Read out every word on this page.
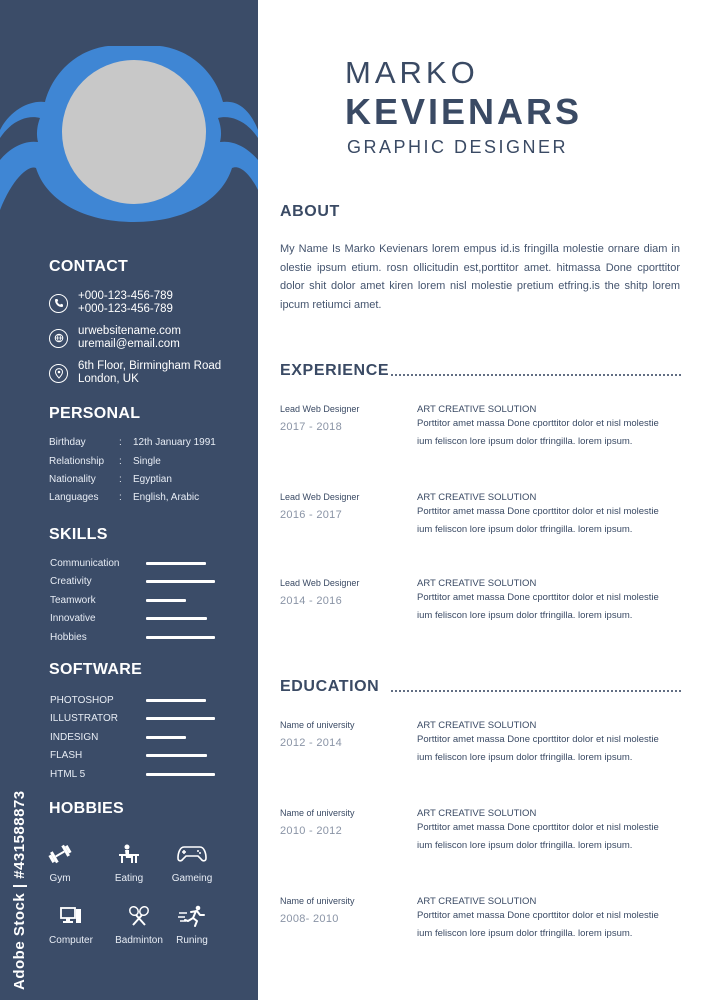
CONTACT
+000-123-456-789
+000-123-456-789
urwebsitename.com
uremail@email.com
6th Floor, Birmingham Road
London, UK
PERSONAL
Birthday	:	12th January 1991
Relationship	:	Single
Nationality	:	Egyptian
Languages	:	English, Arabic
SKILLS
Communication
Creativity
Teamwork
Innovative
Hobbies
SOFTWARE
PHOTOSHOP
ILLUSTRATOR
INDESIGN
FLASH
HTML 5
HOBBIES
Gym	Eating	Gameing
Computer	Badminton	Runing
Adobe Stock | #431588873
MARKO
KEVIENARS
GRAPHIC DESIGNER
ABOUT
My Name Is Marko Kevienars lorem empus id.is fringilla molestie ornare diam in olestie ipsum etium. rosn ollicitudin est,porttitor amet. hitmassa Done cporttitor dolor shit dolor amet kiren lorem nisl molestie pretium etfring.is the shitp lorem ipcum retiumci amet.
EXPERIENCE
Lead Web Designer
2017 - 2018
ART CREATIVE SOLUTION
Porttitor amet massa Done cporttitor dolor et nisl molestie
ium feliscon lore ipsum dolor tfringilla. lorem ipsum.
Lead Web Designer
2016 - 2017
ART CREATIVE SOLUTION
Porttitor amet massa Done cporttitor dolor et nisl molestie
ium feliscon lore ipsum dolor tfringilla. lorem ipsum.
Lead Web Designer
2014 - 2016
ART CREATIVE SOLUTION
Porttitor amet massa Done cporttitor dolor et nisl molestie
ium feliscon lore ipsum dolor tfringilla. lorem ipsum.
EDUCATION
Name of university
2012 - 2014
ART CREATIVE SOLUTION
Porttitor amet massa Done cporttitor dolor et nisl molestie
ium feliscon lore ipsum dolor tfringilla. lorem ipsum.
Name of university
2010 - 2012
ART CREATIVE SOLUTION
Porttitor amet massa Done cporttitor dolor et nisl molestie
ium feliscon lore ipsum dolor tfringilla. lorem ipsum.
Name of university
2008- 2010
ART CREATIVE SOLUTION
Porttitor amet massa Done cporttitor dolor et nisl molestie
ium feliscon lore ipsum dolor tfringilla. lorem ipsum.
